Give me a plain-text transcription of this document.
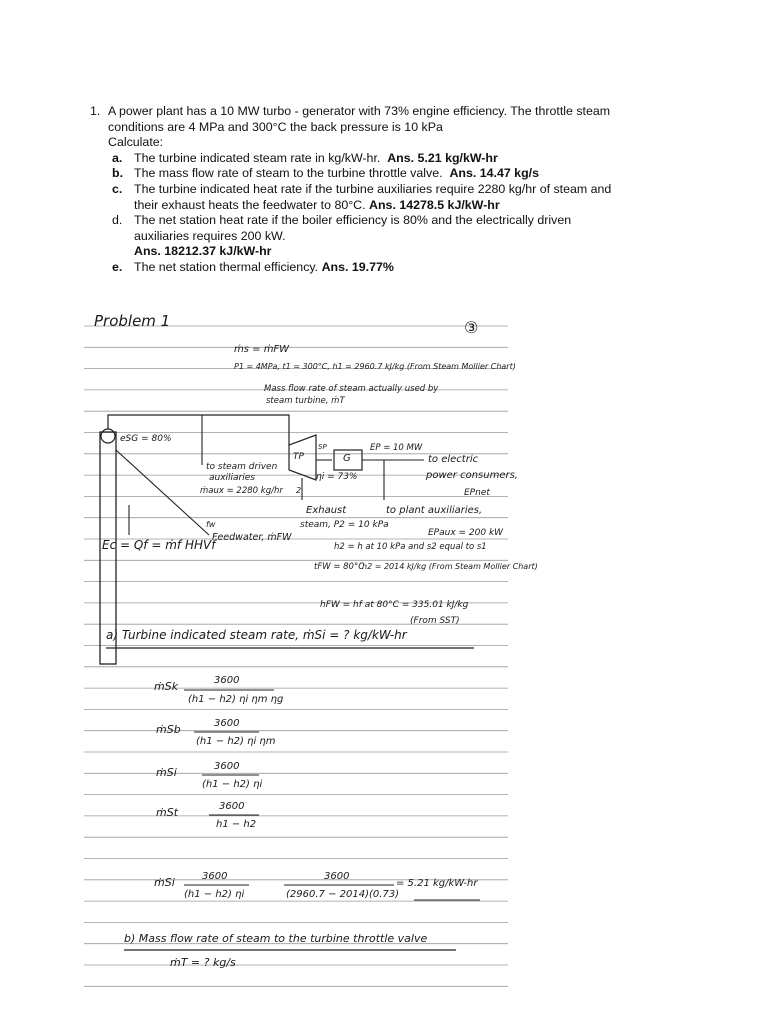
1. A power plant has a 10 MW turbo - generator with 73% engine efficiency. The throttle steam
conditions are 4 MPa and 300°C the back pressure is 10 kPa
Calculate:
a. The turbine indicated steam rate in kg/kW-hr. Ans. 5.21 kg/kW-hr
b. The mass flow rate of steam to the turbine throttle valve. Ans. 14.47 kg/s
c. The turbine indicated heat rate if the turbine auxiliaries require 2280 kg/hr of steam and
their exhaust heats the feedwater to 80°C. Ans. 14278.5 kJ/kW-hr
d. The net station heat rate if the boiler efficiency is 80% and the electrically driven
auxiliaries requires 200 kW.
Ans. 18212.37 kJ/kW-hr
e. The net station thermal efficiency. Ans. 19.77%
Problem 1	③
ṁs = ṁFW
P1 = 4MPa, t1 = 300°C, h1 = 2960.7 kJ/kg (From Steam Mollier Chart)
Mass flow rate of steam actually used by
steam turbine, ṁT
eSG = 80%
TP	G
EP = 10 MW
SP
ηi = 73%
2
to electric
power consumers,
EPnet
to steam driven
auxiliaries
ṁaux = 2280 kg/hr
Exhaust
steam, P2 = 10 kPa
to plant auxiliaries,
EPaux = 200 kW
fw
Feedwater, ṁFW
h2 = h at 10 kPa and s2 equal to s1
tFW = 80°C
h2 = 2014 kJ/kg (From Steam Mollier Chart)
Ec = Qf = ṁf HHVf
hFW = hf at 80°C = 335.01 kJ/kg
(From SST)
a) Turbine indicated steam rate, ṁSi = ? kg/kW-hr
ṁSk	3600
(h1 − h2) ηi ηm ηg
ṁSb	3600
(h1 − h2) ηi ηm
ṁSi	3600
(h1 − h2) ηi
ṁSt	3600
h1 − h2
ṁSi	3600
(h1 − h2) ηi
3600
(2960.7 − 2014)(0.73)
= 5.21 kg/kW-hr
b) Mass flow rate of steam to the turbine throttle valve
ṁT = ? kg/s
